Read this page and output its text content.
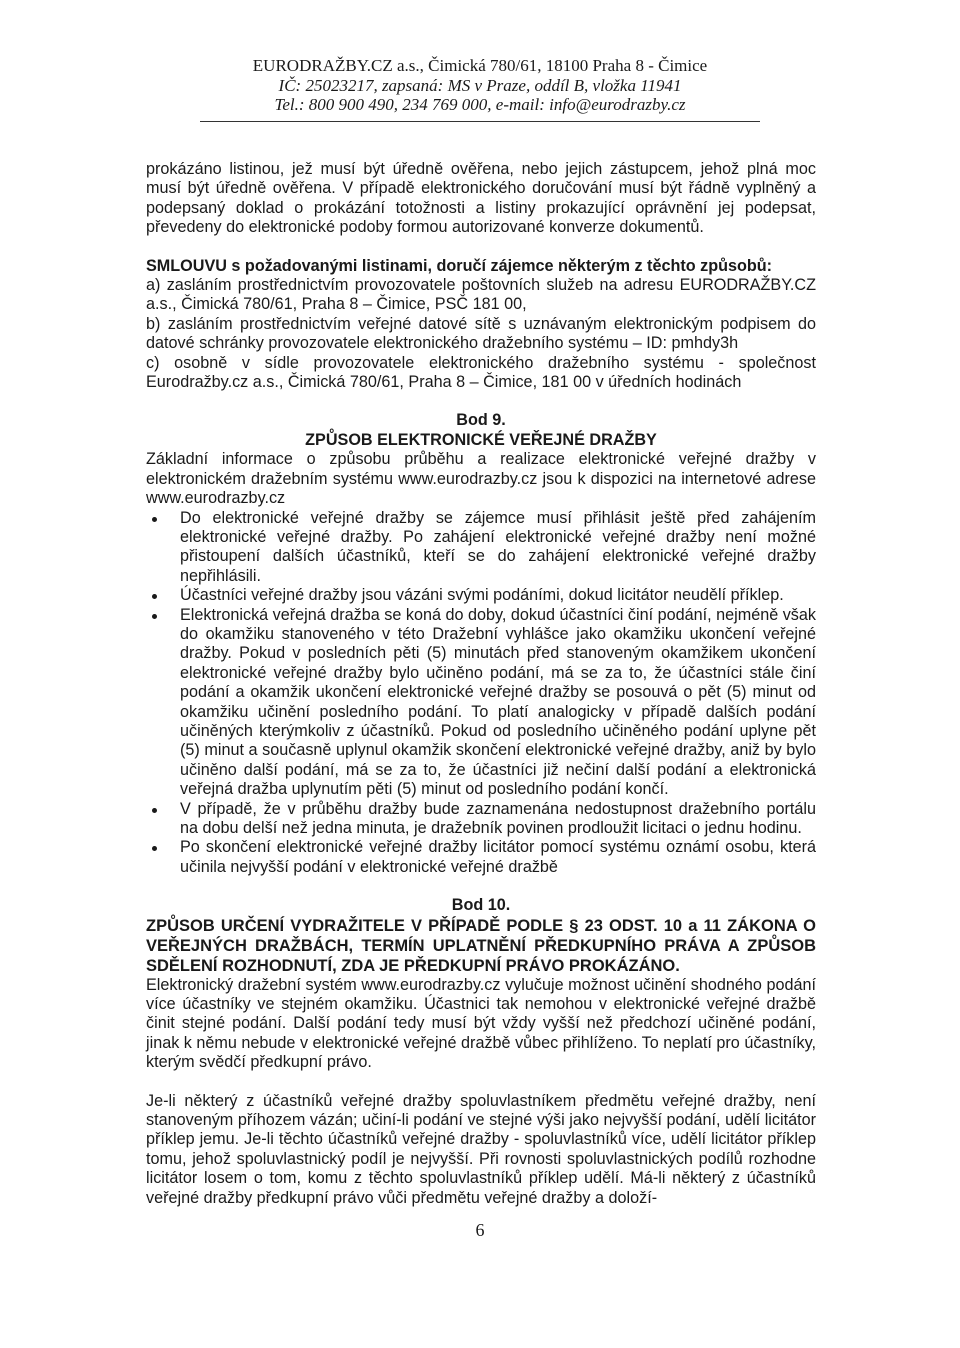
EURODRAŽBY.CZ a.s., Čimická 780/61, 18100 Praha 8 - Čimice
IČ: 25023217, zapsaná: MS v Praze, oddíl B, vložka 11941
Tel.: 800 900 490, 234 769 000, e-mail: info@eurodrazby.cz

prokázáno listinou, jež musí být úředně ověřena, nebo jejich zástupcem, jehož plná moc musí být úředně ověřena. V případě elektronického doručování musí být řádně vyplněný a podepsaný doklad o prokázání totožnosti a listiny prokazující oprávnění jej podepsat, převedeny do elektronické podoby formou autorizované konverze dokumentů.

SMLOUVU s požadovanými listinami, doručí zájemce některým z těchto způsobů:

a) zasláním prostřednictvím provozovatele poštovních služeb na adresu EURODRAŽBY.CZ a.s., Čimická 780/61, Praha 8 – Čimice, PSČ 181 00,

b) zasláním prostřednictvím veřejné datové sítě s uznávaným elektronickým podpisem do datové schránky provozovatele elektronického dražebního systému – ID: pmhdy3h

c) osobně v sídle provozovatele elektronického dražebního systému - společnost Eurodražby.cz a.s., Čimická 780/61, Praha 8 – Čimice, 181 00 v úředních hodinách

Bod 9.

ZPŮSOB ELEKTRONICKÉ VEŘEJNÉ DRAŽBY

Základní informace o způsobu průběhu a realizace elektronické veřejné dražby v elektronickém dražebním systému www.eurodrazby.cz jsou k dispozici na internetové adrese www.eurodrazby.cz

Do elektronické veřejné dražby se zájemce musí přihlásit ještě před zahájením elektronické veřejné dražby. Po zahájení elektronické veřejné dražby není možné přistoupení dalších účastníků, kteří se do zahájení elektronické veřejné dražby nepřihlásili.
Účastníci veřejné dražby jsou vázáni svými podáními, dokud licitátor neudělí příklep.
Elektronická veřejná dražba se koná do doby, dokud účastníci činí podání, nejméně však do okamžiku stanoveného v této Dražební vyhlášce jako okamžiku ukončení veřejné dražby. Pokud v posledních pěti (5) minutách před stanoveným okamžikem ukončení elektronické veřejné dražby bylo učiněno podání, má se za to, že účastníci stále činí podání a okamžik ukončení elektronické veřejné dražby se posouvá o pět (5) minut od okamžiku učinění posledního podání. To platí analogicky v případě dalších podání učiněných kterýmkoliv z účastníků. Pokud od posledního učiněného podání uplyne pět (5) minut a současně uplynul okamžik skončení elektronické veřejné dražby, aniž by bylo učiněno další podání, má se za to, že účastníci již nečiní další podání a elektronická veřejná dražba uplynutím pěti (5) minut od posledního podání končí.
V případě, že v průběhu dražby bude zaznamenána nedostupnost dražebního portálu na dobu delší než jedna minuta, je dražebník povinen prodloužit licitaci o jednu hodinu.
Po skončení elektronické veřejné dražby licitátor pomocí systému oznámí osobu, která učinila nejvyšší podání v elektronické veřejné dražbě

Bod 10.

ZPŮSOB URČENÍ VYDRAŽITELE V PŘÍPADĚ PODLE § 23 ODST. 10 a 11 ZÁKONA O VEŘEJNÝCH DRAŽBÁCH, TERMÍN UPLATNĚNÍ PŘEDKUPNÍHO PRÁVA A ZPŮSOB SDĚLENÍ ROZHODNUTÍ, ZDA JE PŘEDKUPNÍ PRÁVO PROKÁZÁNO.

Elektronický dražební systém www.eurodrazby.cz vylučuje možnost učinění shodného podání více účastníky ve stejném okamžiku. Účastnici tak nemohou v elektronické veřejné dražbě činit stejné podání. Další podání tedy musí být vždy vyšší než předchozí učiněné podání, jinak k němu nebude v elektronické veřejné dražbě vůbec přihlíženo. To neplatí pro účastníky, kterým svědčí předkupní právo.

Je-li některý z účastníků veřejné dražby spoluvlastníkem předmětu veřejné dražby, není stanoveným příhozem vázán; učiní-li podání ve stejné výši jako nejvyšší podání, udělí licitátor příklep jemu. Je-li těchto účastníků veřejné dražby - spoluvlastníků více, udělí licitátor příklep tomu, jehož spoluvlastnický podíl je nejvyšší. Při rovnosti spoluvlastnických podílů rozhodne licitátor losem o tom, komu z těchto spoluvlastníků příklep udělí. Má-li některý z účastníků veřejné dražby předkupní právo vůči předmětu veřejné dražby a doloží-

6
